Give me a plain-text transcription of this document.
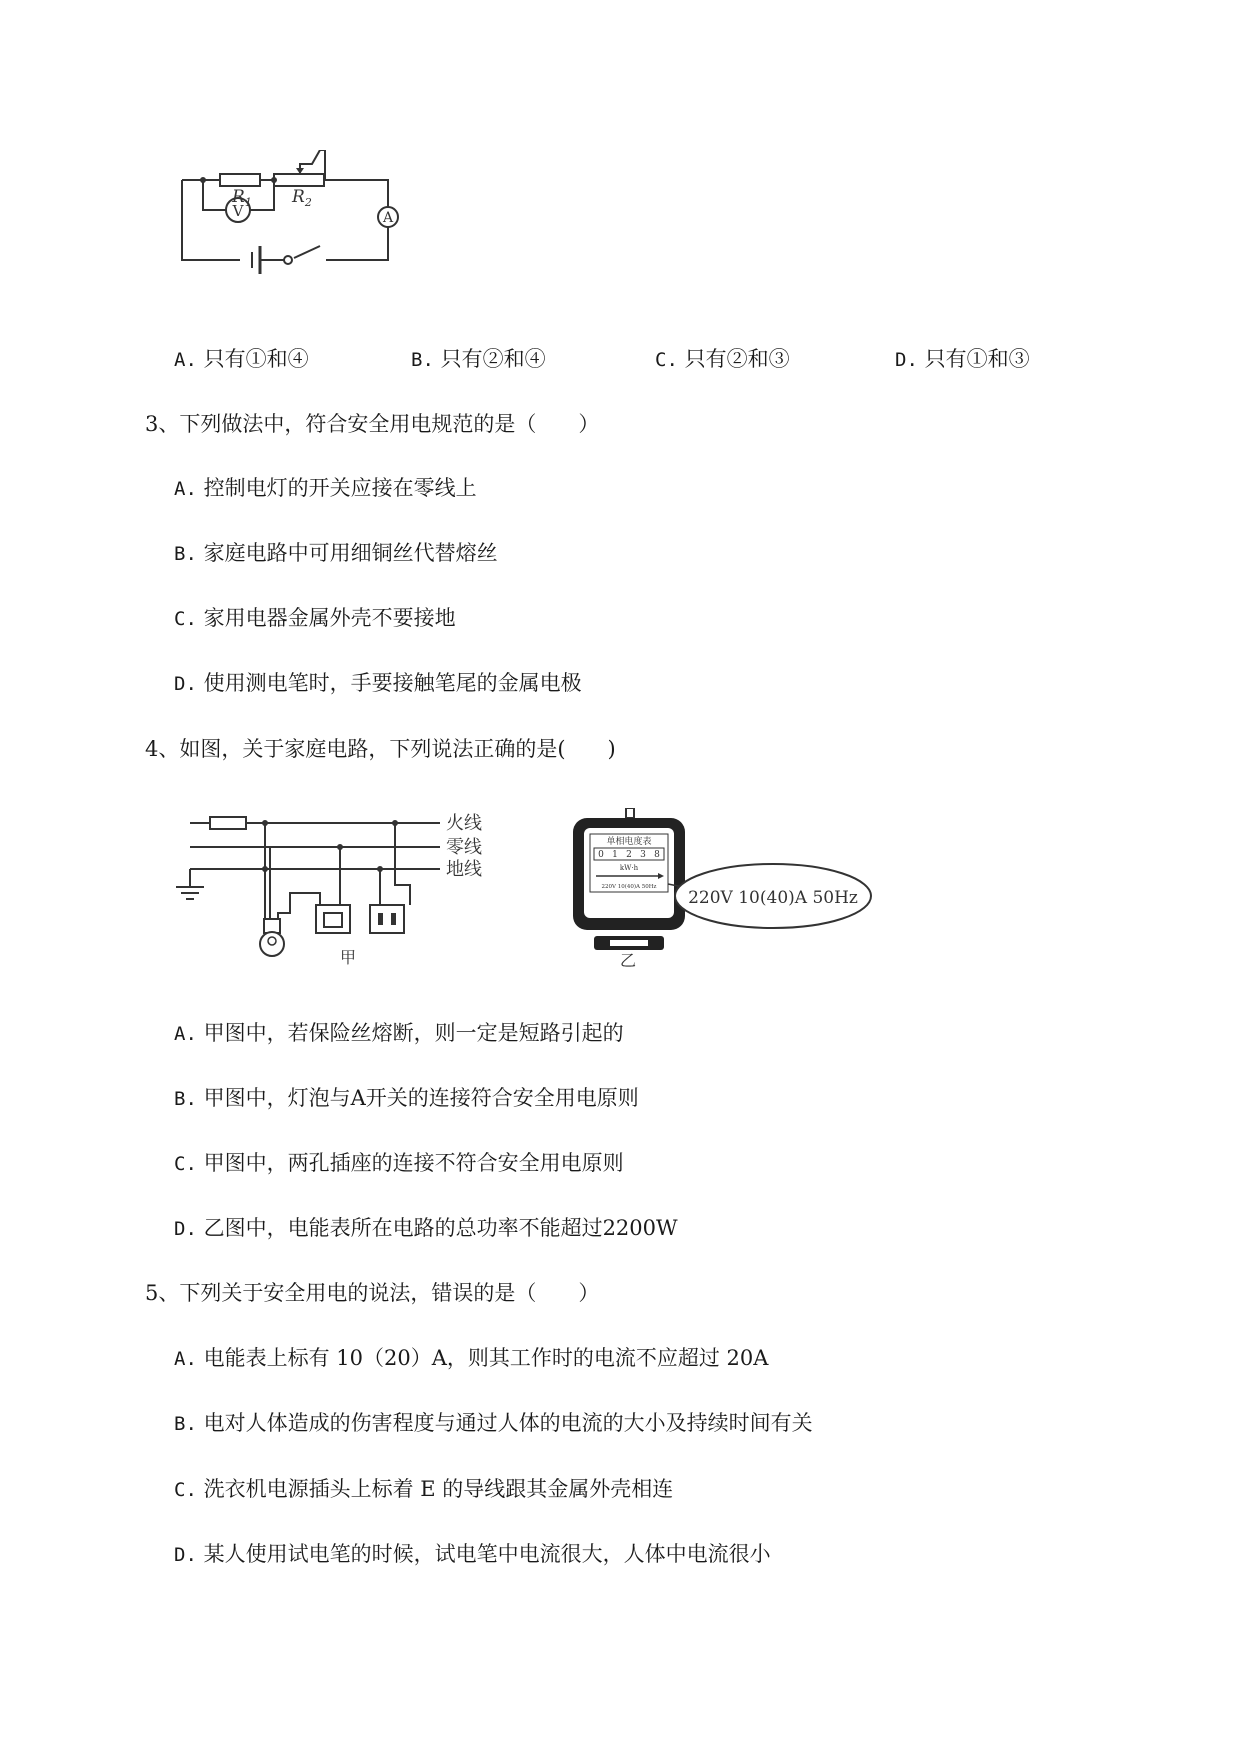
V	A
$R_1$ $R_2$
A. 只有①和④	B. 只有②和④	C. 只有②和③	D. 只有①和③
3、下列做法中，符合安全用电规范的是（　　）
A. 控制电灯的开关应接在零线上
B. 家庭电路中可用细铜丝代替熔丝
C. 家用电器金属外壳不要接地
D. 使用测电笔时，手要接触笔尾的金属电极
4、如图，关于家庭电路，下列说法正确的是(　　)
火线
零线
地线
甲
单相电度表
0 1 2 3 8
kW·h
220V 10(40)A 50Hz
220V 10(40)A 50Hz
乙
A. 甲图中，若保险丝熔断，则一定是短路引起的
B. 甲图中，灯泡与A开关的连接符合安全用电原则
C. 甲图中，两孔插座的连接不符合安全用电原则
D. 乙图中，电能表所在电路的总功率不能超过2200W
5、下列关于安全用电的说法，错误的是（　　）
A. 电能表上标有 10（20）A，则其工作时的电流不应超过 20A
B. 电对人体造成的伤害程度与通过人体的电流的大小及持续时间有关
C. 洗衣机电源插头上标着 E 的导线跟其金属外壳相连
D. 某人使用试电笔的时候，试电笔中电流很大，人体中电流很小
